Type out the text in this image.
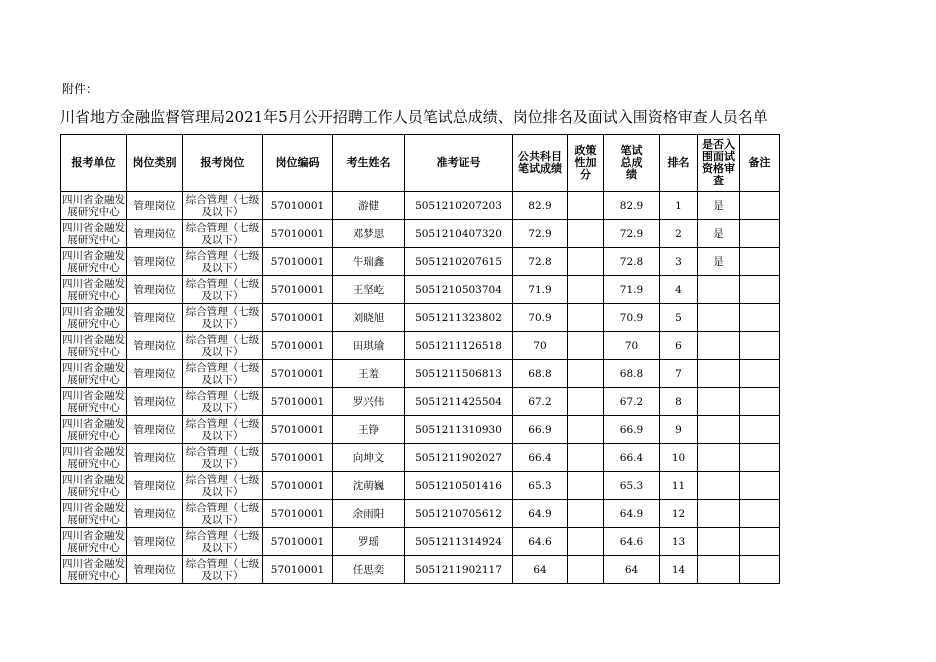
附件：
川省地方金融监督管理局2021年5月公开招聘工作人员笔试总成绩、岗位排名及面试入围资格审查人员名单
报考单位	岗位类别	报考岗位	岗位编码	考生姓名	准考证号	公共科目笔试成绩	政策性加分	笔试总成绩	排名	是否入围面试资格审查	备注
四川省金融发展研究中心	管理岗位	综合管理（七级及以下）	57010001	游健	5051210207203	82.9		82.9	1	是	
四川省金融发展研究中心	管理岗位	综合管理（七级及以下）	57010001	邓梦思	5051210407320	72.9		72.9	2	是	
四川省金融发展研究中心	管理岗位	综合管理（七级及以下）	57010001	牛瑞鑫	5051210207615	72.8		72.8	3	是	
四川省金融发展研究中心	管理岗位	综合管理（七级及以下）	57010001	王坚屹	5051210503704	71.9		71.9	4		
四川省金融发展研究中心	管理岗位	综合管理（七级及以下）	57010001	刘晓旭	5051211323802	70.9		70.9	5		
四川省金融发展研究中心	管理岗位	综合管理（七级及以下）	57010001	田琪瑜	5051211126518	70		70	6		
四川省金融发展研究中心	管理岗位	综合管理（七级及以下）	57010001	王羞	5051211506813	68.8		68.8	7		
四川省金融发展研究中心	管理岗位	综合管理（七级及以下）	57010001	罗兴伟	5051211425504	67.2		67.2	8		
四川省金融发展研究中心	管理岗位	综合管理（七级及以下）	57010001	王铮	5051211310930	66.9		66.9	9		
四川省金融发展研究中心	管理岗位	综合管理（七级及以下）	57010001	向坤文	5051211902027	66.4		66.4	10		
四川省金融发展研究中心	管理岗位	综合管理（七级及以下）	57010001	沈萌巍	5051210501416	65.3		65.3	11		
四川省金融发展研究中心	管理岗位	综合管理（七级及以下）	57010001	余雨阳	5051210705612	64.9		64.9	12		
四川省金融发展研究中心	管理岗位	综合管理（七级及以下）	57010001	罗瑶	5051211314924	64.6		64.6	13		
四川省金融发展研究中心	管理岗位	综合管理（七级及以下）	57010001	任思奕	5051211902117	64		64	14		
